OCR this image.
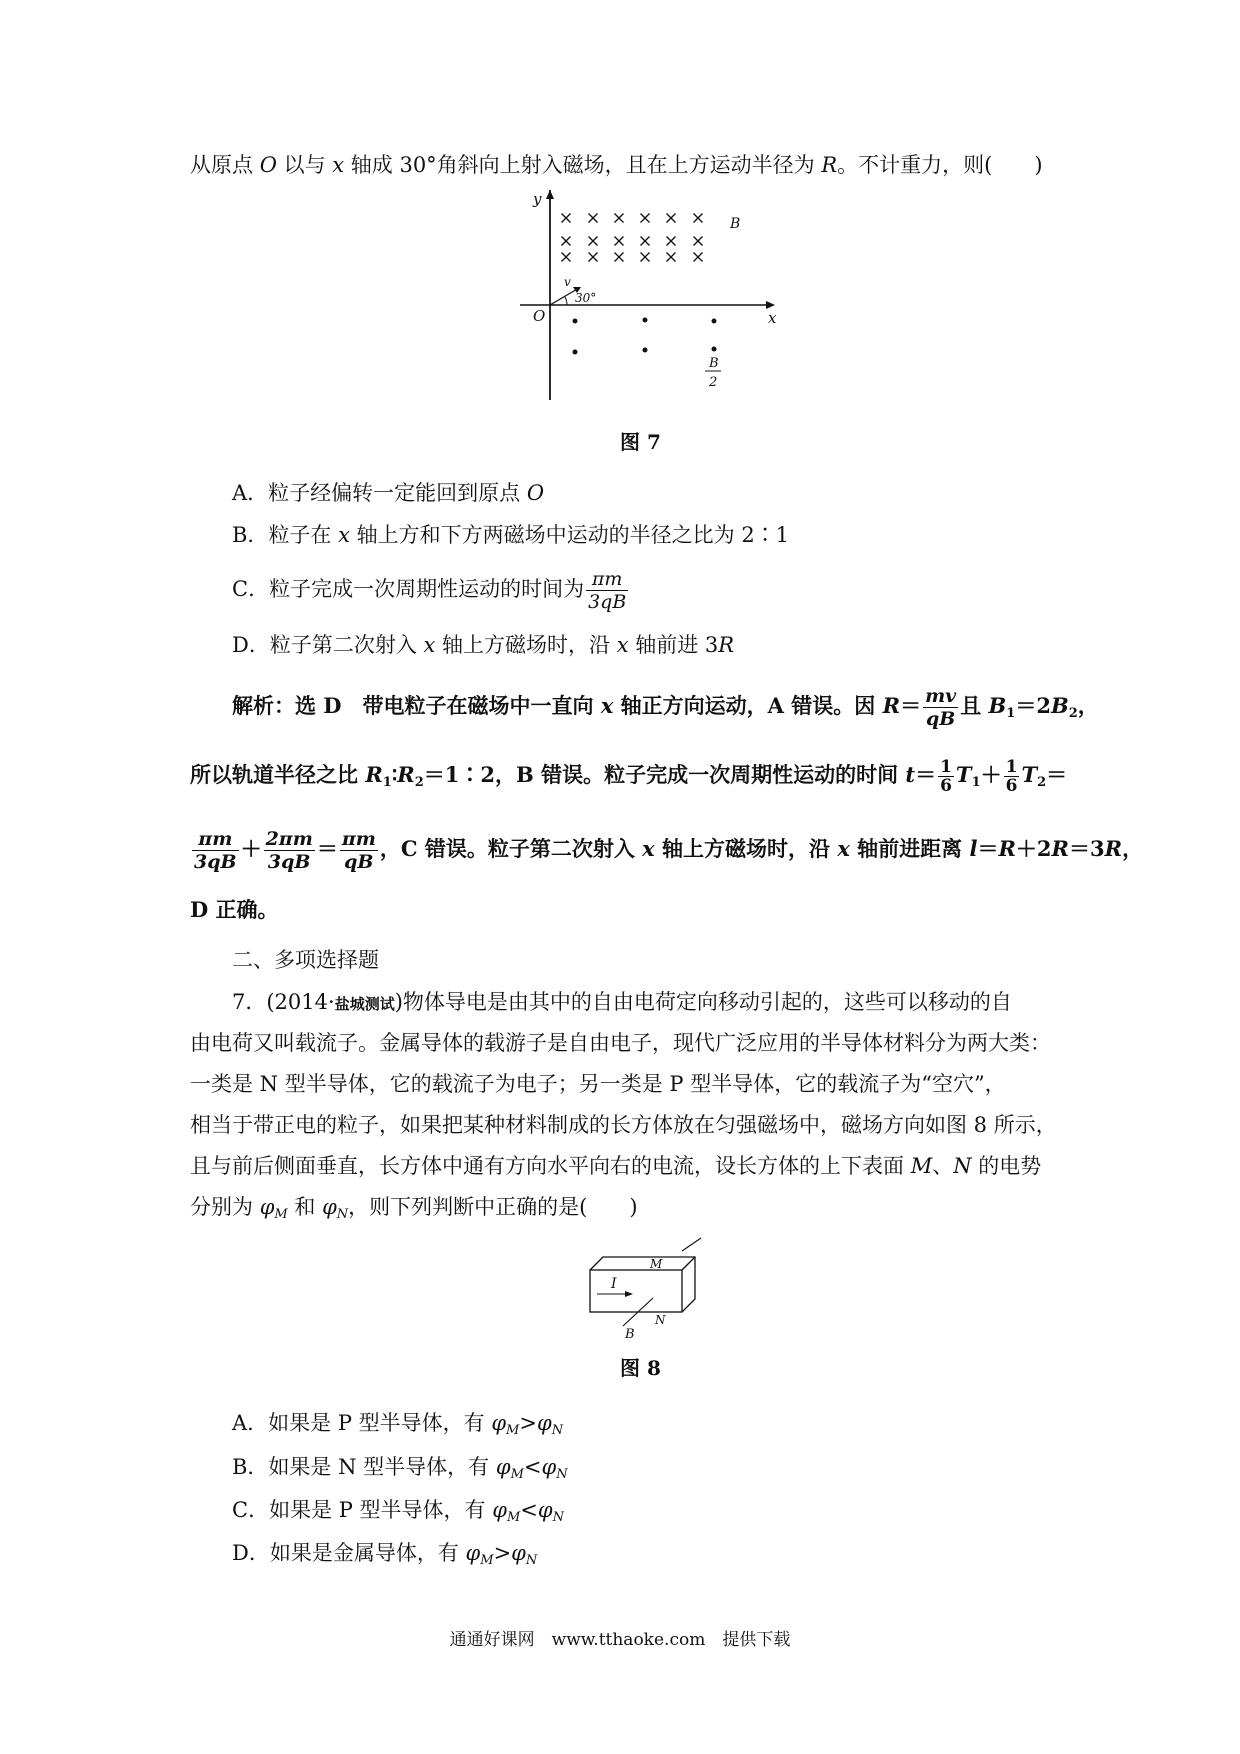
从原点 O 以与 x 轴成 30°角斜向上射入磁场，且在上方运动半径为 R。不计重力，则(　　)
y
x
O
B
v
30°
B
2
图 7
A．粒子经偏转一定能回到原点 O
B．粒子在 x 轴上方和下方两磁场中运动的半径之比为 2∶1
C．粒子完成一次周期性运动的时间为 $\frac{\pi m}{3qB}$
D．粒子第二次射入 x 轴上方磁场时，沿 x 轴前进 3R
解析：选 D　带电粒子在磁场中一直向 x 轴正方向运动，A 错误。因 $R= \frac{mv}{qB}$ 且 $B_1=2B_2$，
所以轨道半径之比 $R_1∶R_2=1∶2$，B 错误。粒子完成一次周期性运动的时间 $t= \frac{1}{6} T_1+ \frac{1}{6} T_2=$
$\frac{\pi m}{3qB} + \frac{2\pi m}{3qB} = \frac{\pi m}{qB}$ ，C 错误。粒子第二次射入 x 轴上方磁场时，沿 x 轴前进距离 l＝R＋2R＝3R，
D 正确。
二、多项选择题
7．(2014·盐城测试)物体导电是由其中的自由电荷定向移动引起的，这些可以移动的自
由电荷又叫载流子。金属导体的载游子是自由电子，现代广泛应用的半导体材料分为两大类：
一类是 N 型半导体，它的载流子为电子；另一类是 P 型半导体，它的载流子为“空穴”，
相当于带正电的粒子，如果把某种材料制成的长方体放在匀强磁场中，磁场方向如图 8 所示，
且与前后侧面垂直，长方体中通有方向水平向右的电流，设长方体的上下表面 M、N 的电势
分别为 $\varphi_M$ 和 $\varphi_N$，则下列判断中正确的是(　　)
I
M
N
B
图 8
A．如果是 P 型半导体，有 $\varphi_M>\varphi_N$
B．如果是 N 型半导体，有 $\varphi_M<\varphi_N$
C．如果是 P 型半导体，有 $\varphi_M<\varphi_N$
D．如果是金属导体，有 $\varphi_M>\varphi_N$
通通好课网　www.tthaoke.com　提供下载
